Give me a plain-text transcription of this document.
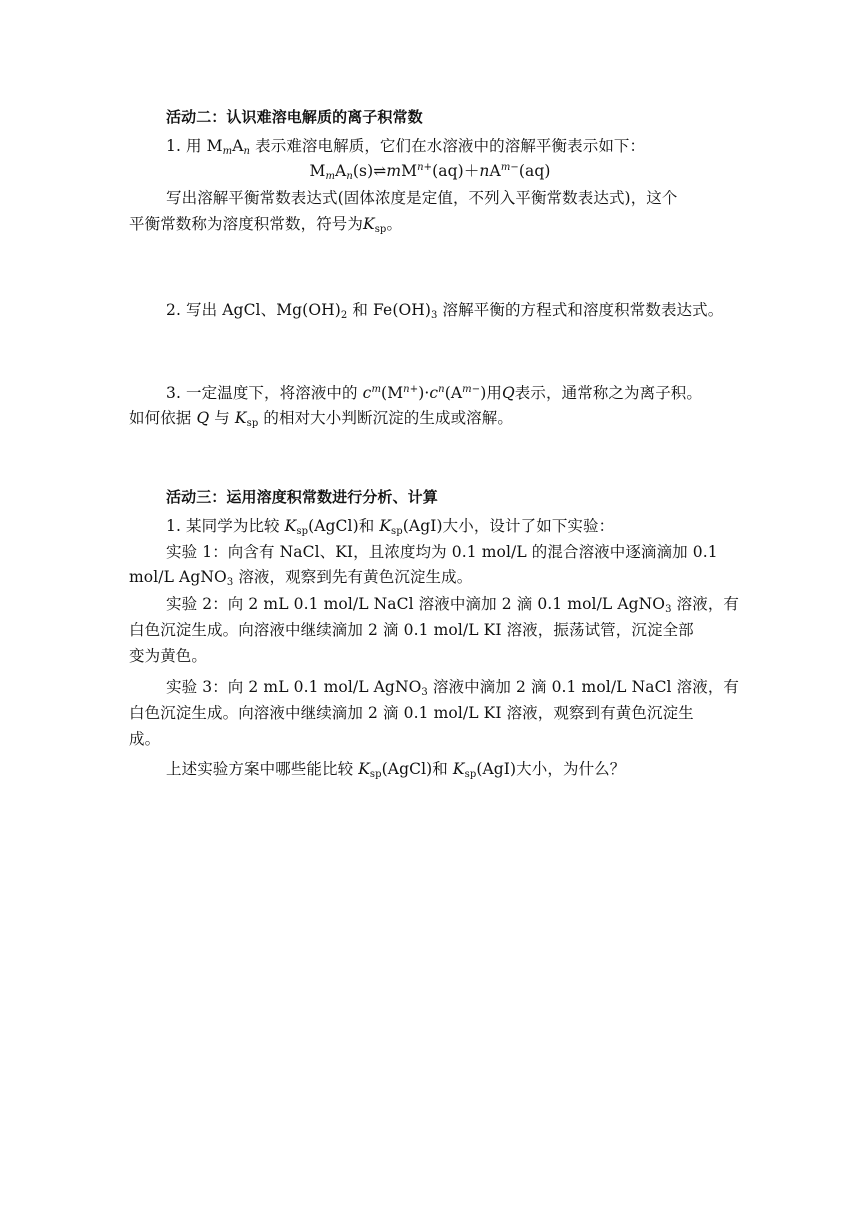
活动二：认识难溶电解质的离子积常数
1. 用 $M_mA_n$ 表示难溶电解质，它们在水溶液中的溶解平衡表示如下：
$M_mA_n(s)\rightleftharpoons mM^{n+}(aq)+nA^{m-}(aq)$
写出溶解平衡常数表达式(固体浓度是定值，不列入平衡常数表达式)，这个
平衡常数称为溶度积常数，符号为$K_{sp}$。
2. 写出 AgCl、$Mg(OH)_2$ 和 $Fe(OH)_3$ 溶解平衡的方程式和溶度积常数表达式。
3. 一定温度下，将溶液中的 $c^m(M^{n+})\cdot c^n(A^{m-})$用Q表示，通常称之为离子积。
如何依据 Q 与 $K_{sp}$ 的相对大小判断沉淀的生成或溶解。
活动三：运用溶度积常数进行分析、计算
1. 某同学为比较 $K_{sp}(AgCl)$和 $K_{sp}(AgI)$大小，设计了如下实验：
实验 1：向含有 NaCl、KI，且浓度均为 0.1 mol/L 的混合溶液中逐滴滴加 0.1
mol/L AgNO$_3$ 溶液，观察到先有黄色沉淀生成。
实验 2：向 2 mL 0.1 mol/L NaCl 溶液中滴加 2 滴 0.1 mol/L AgNO$_3$ 溶液，有
白色沉淀生成。向溶液中继续滴加 2 滴 0.1 mol/L KI 溶液，振荡试管，沉淀全部
变为黄色。
实验 3：向 2 mL 0.1 mol/L AgNO$_3$ 溶液中滴加 2 滴 0.1 mol/L NaCl 溶液，有
白色沉淀生成。向溶液中继续滴加 2 滴 0.1 mol/L KI 溶液，观察到有黄色沉淀生
成。
上述实验方案中哪些能比较 $K_{sp}(AgCl)$和 $K_{sp}(AgI)$大小，为什么？
